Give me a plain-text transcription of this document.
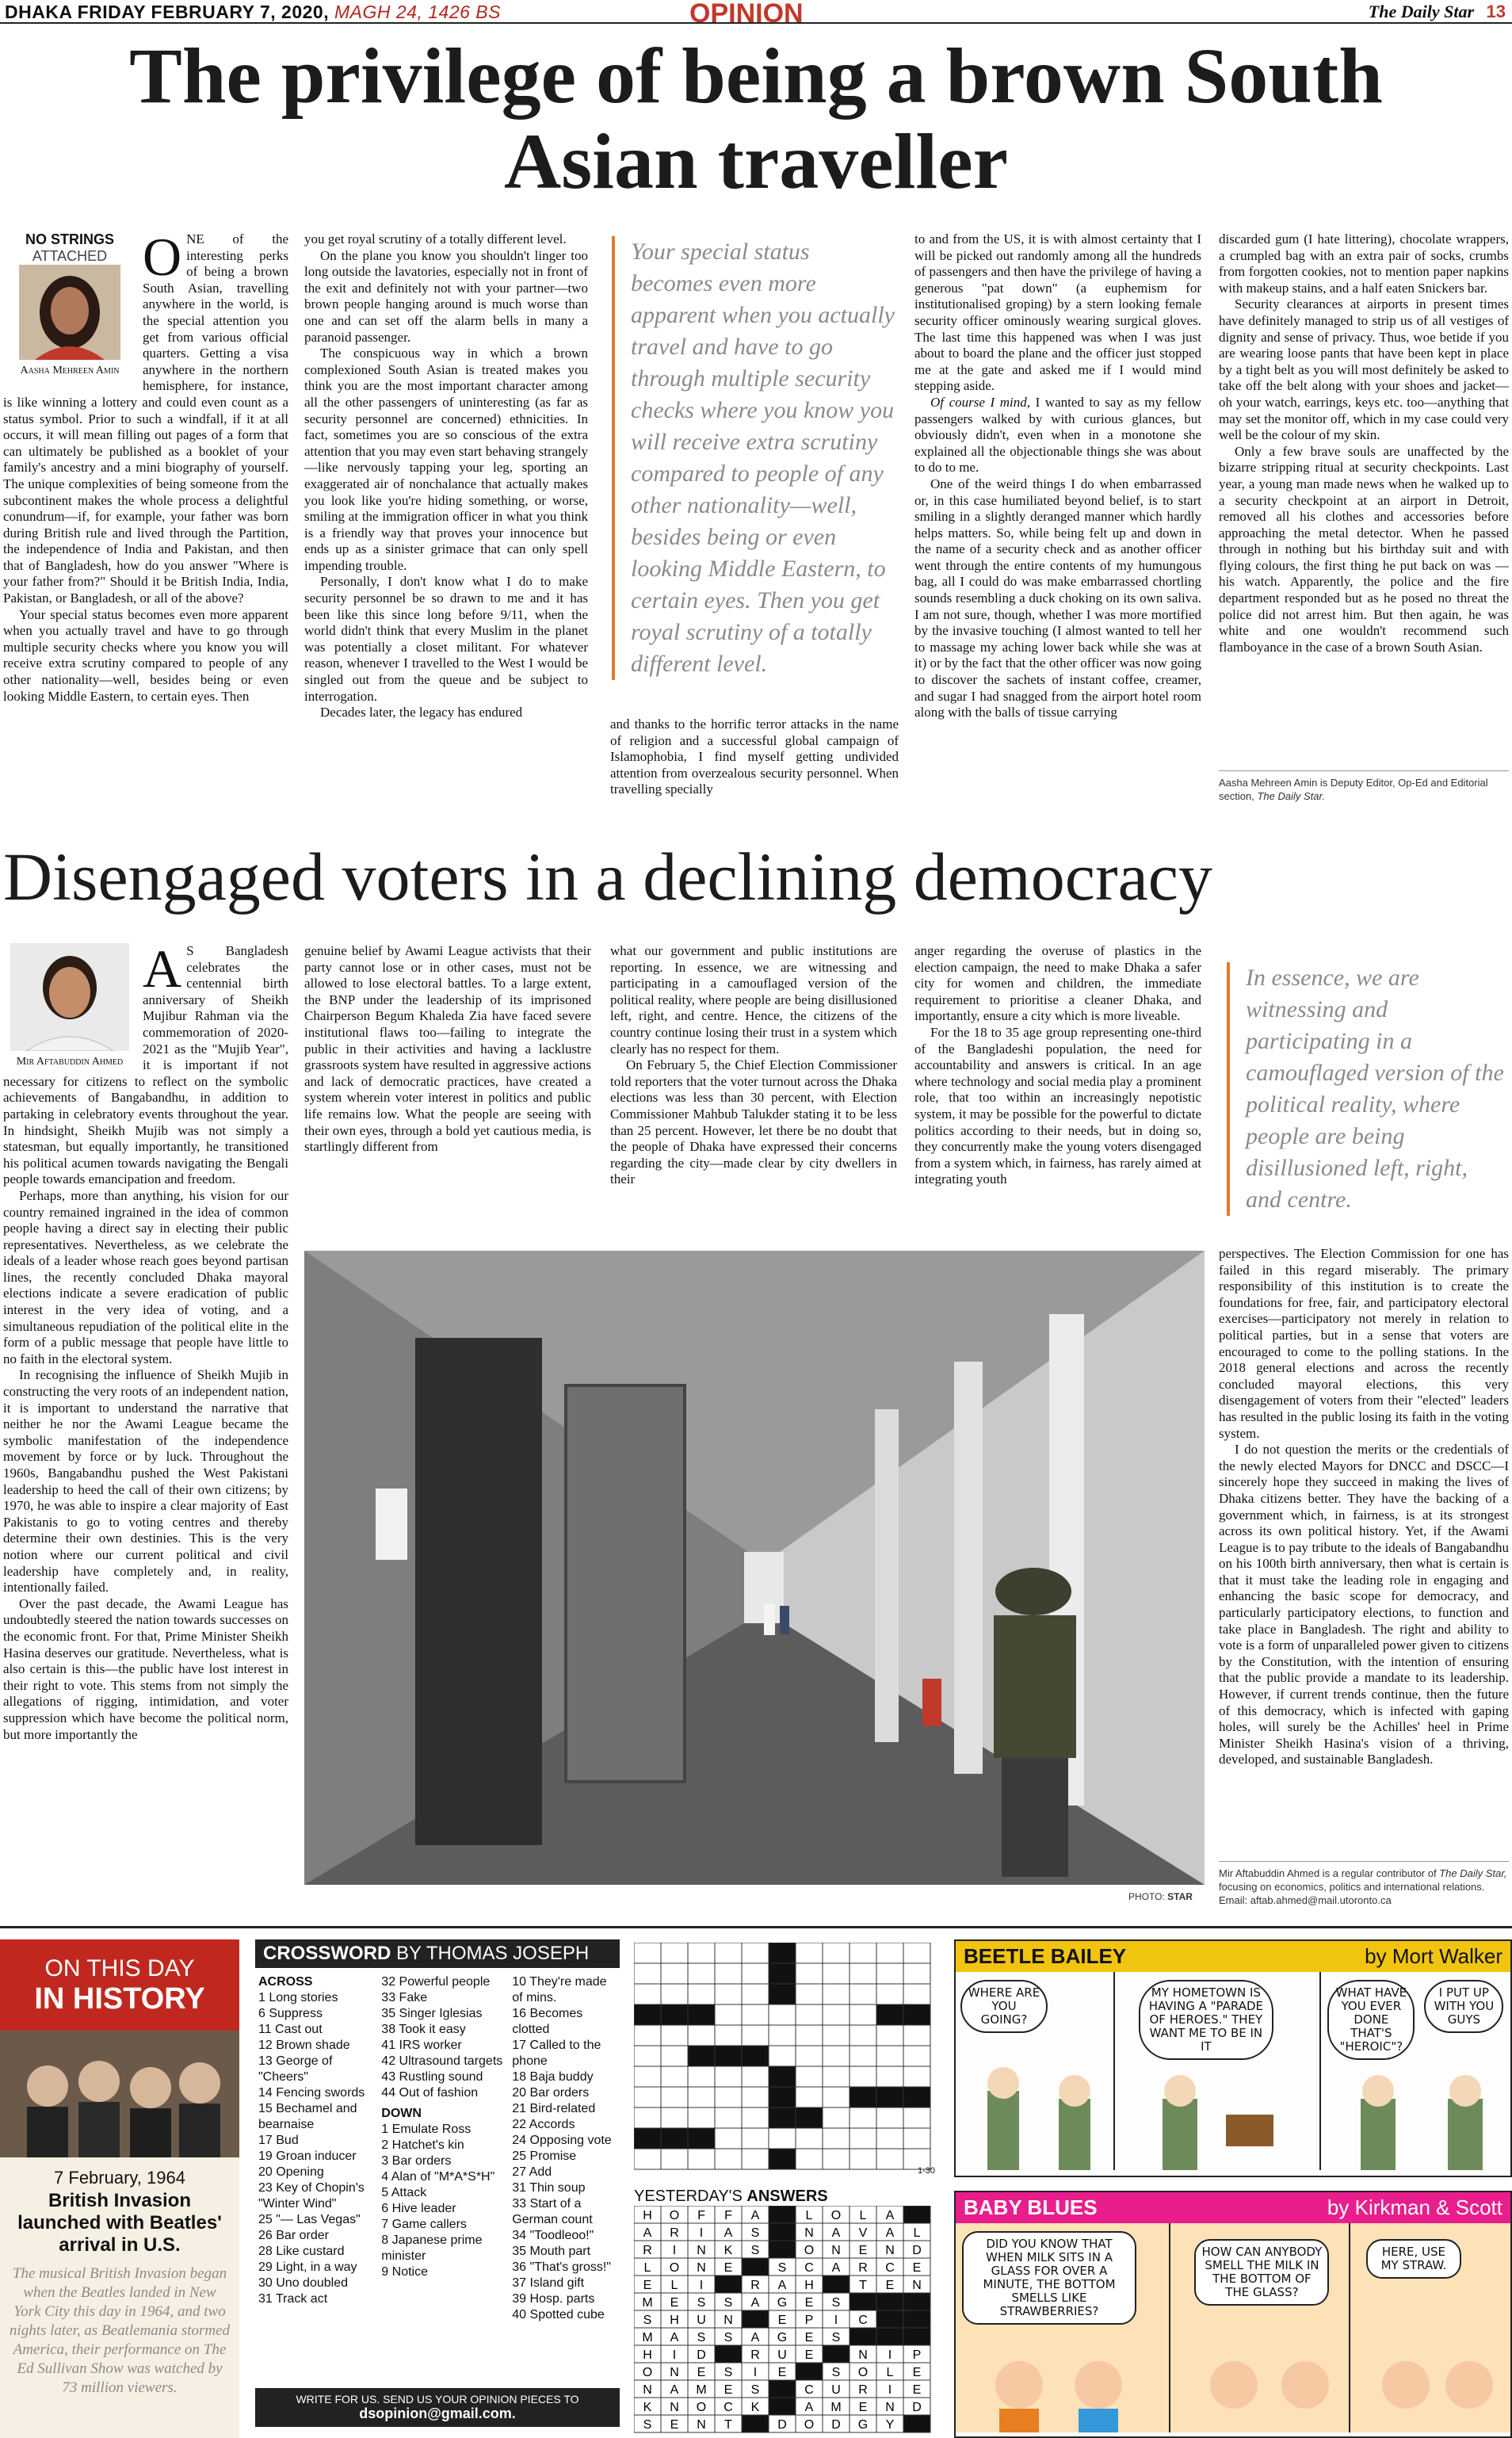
DHAKA FRIDAY FEBRUARY 7, 2020, MAGH 24, 1426 BS	OPINION	The Daily Star 13
The privilege of being a brown South Asian traveller
NO STRINGS
ATTACHED
Aasha Mehreen Amin
O NE of the interesting perks of being a brown South Asian, travelling anywhere in the world, is the special attention you get from various official quarters. Getting a visa anywhere in the northern hemisphere, for instance, is like winning a lottery and could even count as a status symbol. Prior to such a windfall, if it at all occurs, it will mean filling out pages of a form that can ultimately be published as a booklet of your family's ancestry and a mini biography of yourself. The unique complexities of being someone from the subcontinent makes the whole process a delightful conundrum—if, for example, your father was born during British rule and lived through the Partition, the independence of India and Pakistan, and then that of Bangladesh, how do you answer "Where is your father from?" Should it be British India, India, Pakistan, or Bangladesh, or all of the above?

Your special status becomes even more apparent when you actually travel and have to go through multiple security checks where you know you will receive extra scrutiny compared to people of any other nationality—well, besides being or even looking Middle Eastern, to certain eyes. Then

you get royal scrutiny of a totally different level.

On the plane you know you shouldn't linger too long outside the lavatories, especially not in front of the exit and definitely not with your partner—two brown people hanging around is much worse than one and can set off the alarm bells in many a paranoid passenger.

The conspicuous way in which a brown complexioned South Asian is treated makes you think you are the most important character among all the other passengers of uninteresting (as far as security personnel are concerned) ethnicities. In fact, sometimes you are so conscious of the extra attention that you may even start behaving strangely—like nervously tapping your leg, sporting an exaggerated air of nonchalance that actually makes you look like you're hiding something, or worse, smiling at the immigration officer in what you think is a friendly way that proves your innocence but ends up as a sinister grimace that can only spell impending trouble.

Personally, I don't know what I do to make security personnel be so drawn to me and it has been like this since long before 9/11, when the world didn't think that every Muslim in the planet was potentially a closet militant. For whatever reason, whenever I travelled to the West I would be singled out from the queue and be subject to interrogation.

Decades later, the legacy has endured

Your special status becomes even more apparent when you actually travel and have to go through multiple security checks where you know you will receive extra scrutiny compared to people of any other nationality—well, besides being or even looking Middle Eastern, to certain eyes. Then you get royal scrutiny of a totally different level.

and thanks to the horrific terror attacks in the name of religion and a successful global campaign of Islamophobia, I find myself getting undivided attention from overzealous security personnel. When travelling specially

to and from the US, it is with almost certainty that I will be picked out randomly among all the hundreds of passengers and then have the privilege of having a generous "pat down" (a euphemism for institutionalised groping) by a stern looking female security officer ominously wearing surgical gloves. The last time this happened was when I was just about to board the plane and the officer just stopped me at the gate and asked me if I would mind stepping aside.

Of course I mind, I wanted to say as my fellow passengers walked by with curious glances, but obviously didn't, even when in a monotone she explained all the objectionable things she was about to do to me.

One of the weird things I do when embarrassed or, in this case humiliated beyond belief, is to start smiling in a slightly deranged manner which hardly helps matters. So, while being felt up and down in the name of a security check and as another officer went through the entire contents of my humungous bag, all I could do was make embarrassed chortling sounds resembling a duck choking on its own saliva. I am not sure, though, whether I was more mortified by the invasive touching (I almost wanted to tell her to massage my aching lower back while she was at it) or by the fact that the other officer was now going to discover the sachets of instant coffee, creamer, and sugar I had snagged from the airport hotel room along with the balls of tissue carrying

discarded gum (I hate littering), chocolate wrappers, a crumpled bag with an extra pair of socks, crumbs from forgotten cookies, not to mention paper napkins with makeup stains, and a half eaten Snickers bar.

Security clearances at airports in present times have definitely managed to strip us of all vestiges of dignity and sense of privacy. Thus, woe betide if you are wearing loose pants that have been kept in place by a tight belt as you will most definitely be asked to take off the belt along with your shoes and jacket—oh your watch, earrings, keys etc. too—anything that may set the monitor off, which in my case could very well be the colour of my skin.

Only a few brave souls are unaffected by the bizarre stripping ritual at security checkpoints. Last year, a young man made news when he walked up to a security checkpoint at an airport in Detroit, removed all his clothes and accessories before approaching the metal detector. When he passed through in nothing but his birthday suit and with flying colours, the first thing he put back on was — his watch. Apparently, the police and the fire department responded but as he posed no threat the police did not arrest him. But then again, he was white and one wouldn't recommend such flamboyance in the case of a brown South Asian.

Aasha Mehreen Amin is Deputy Editor, Op-Ed and Editorial section, The Daily Star.
Disengaged voters in a declining democracy
Mir Aftabuddin Ahmed
A S Bangladesh celebrates the centennial birth anniversary of Sheikh Mujibur Rahman via the commemoration of 2020-2021 as the "Mujib Year", it is important if not necessary for citizens to reflect on the symbolic achievements of Bangabandhu, in addition to partaking in celebratory events throughout the year. In hindsight, Sheikh Mujib was not simply a statesman, but equally importantly, he transitioned his political acumen towards navigating the Bengali people towards emancipation and freedom.

Perhaps, more than anything, his vision for our country remained ingrained in the idea of common people having a direct say in electing their public representatives. Nevertheless, as we celebrate the ideals of a leader whose reach goes beyond partisan lines, the recently concluded Dhaka mayoral elections indicate a severe eradication of public interest in the very idea of voting, and a simultaneous repudiation of the political elite in the form of a public message that people have little to no faith in the electoral system.

In recognising the influence of Sheikh Mujib in constructing the very roots of an independent nation, it is important to understand the narrative that neither he nor the Awami League became the symbolic manifestation of the independence movement by force or by luck. Throughout the 1960s, Bangabandhu pushed the West Pakistani leadership to heed the call of their own citizens; by 1970, he was able to inspire a clear majority of East Pakistanis to go to voting centres and thereby determine their own destinies. This is the very notion where our current political and civil leadership have completely and, in reality, intentionally failed.

Over the past decade, the Awami League has undoubtedly steered the nation towards successes on the economic front. For that, Prime Minister Sheikh Hasina deserves our gratitude. Nevertheless, what is also certain is this—the public have lost interest in their right to vote. This stems from not simply the allegations of rigging, intimidation, and voter suppression which have become the political norm, but more importantly the

genuine belief by Awami League activists that their party cannot lose or in other cases, must not be allowed to lose electoral battles. To a large extent, the BNP under the leadership of its imprisoned Chairperson Begum Khaleda Zia have faced severe institutional flaws too—failing to integrate the public in their activities and having a lacklustre grassroots system have resulted in aggressive actions and lack of democratic practices, have created a system wherein voter interest in politics and public life remains low. What the people are seeing with their own eyes, through a bold yet cautious media, is startlingly different from

what our government and public institutions are reporting. In essence, we are witnessing and participating in a camouflaged version of the political reality, where people are being disillusioned left, right, and centre. Hence, the citizens of the country continue losing their trust in a system which clearly has no respect for them.

On February 5, the Chief Election Commissioner told reporters that the voter turnout across the Dhaka elections was less than 30 percent, with Election Commissioner Mahbub Talukder stating it to be less than 25 percent. However, let there be no doubt that the people of Dhaka have expressed their concerns regarding the city—made clear by city dwellers in their

anger regarding the overuse of plastics in the election campaign, the need to make Dhaka a safer city for women and children, the immediate requirement to prioritise a cleaner Dhaka, and importantly, ensure a city which is more liveable.

For the 18 to 35 age group representing one-third of the Bangladeshi population, the need for accountability and answers is critical. In an age where technology and social media play a prominent role, that too within an increasingly nepotistic system, it may be possible for the powerful to dictate politics according to their needs, but in doing so, they concurrently make the young voters disengaged from a system which, in fairness, has rarely aimed at integrating youth

In essence, we are witnessing and participating in a camouflaged version of the political reality, where people are being disillusioned left, right, and centre.
PHOTO: STAR

perspectives. The Election Commission for one has failed in this regard miserably. The primary responsibility of this institution is to create the foundations for free, fair, and participatory electoral exercises—participatory not merely in relation to political parties, but in a sense that voters are encouraged to come to the polling stations. In the 2018 general elections and across the recently concluded mayoral elections, this very disengagement of voters from their "elected" leaders has resulted in the public losing its faith in the voting system.

I do not question the merits or the credentials of the newly elected Mayors for DNCC and DSCC—I sincerely hope they succeed in making the lives of Dhaka citizens better. They have the backing of a government which, in fairness, is at its strongest across its own political history. Yet, if the Awami League is to pay tribute to the ideals of Bangabandhu on his 100th birth anniversary, then what is certain is that it must take the leading role in engaging and enhancing the basic scope for democracy, and particularly participatory elections, to function and take place in Bangladesh. The right and ability to vote is a form of unparalleled power given to citizens by the Constitution, with the intention of ensuring that the public provide a mandate to its leadership. However, if current trends continue, then the future of this democracy, which is infected with gaping holes, will surely be the Achilles' heel in Prime Minister Sheikh Hasina's vision of a thriving, developed, and sustainable Bangladesh.

Mir Aftabuddin Ahmed is a regular contributor of The Daily Star, focusing on economics, politics and international relations. Email: aftab.ahmed@mail.utoronto.ca
ON THIS DAY
IN HISTORY
7 February, 1964
British Invasion launched with Beatles' arrival in U.S.
The musical British Invasion began when the Beatles landed in New York City this day in 1964, and two nights later, as Beatlemania stormed America, their performance on The Ed Sullivan Show was watched by 73 million viewers.
CROSSWORD BY THOMAS JOSEPH
ACROSS
1 Long stories
6 Suppress
11 Cast out
12 Brown shade
13 George of "Cheers"
14 Fencing swords
15 Bechamel and bearnaise
17 Bud
19 Groan inducer
20 Opening
23 Key of Chopin's "Winter Wind"
25 "— Las Vegas"
26 Bar order
28 Like custard
29 Light, in a way
30 Uno doubled
31 Track act
32 Powerful people
33 Fake
35 Singer Iglesias
38 Took it easy
41 IRS worker
42 Ultrasound targets
43 Rustling sound
44 Out of fashion
DOWN
1 Emulate Ross
2 Hatchet's kin
3 Bar orders
4 Alan of "M*A*S*H"
5 Attack
6 Hive leader
7 Game callers
8 Japanese prime minister
9 Notice
10 They're made of mins.
16 Becomes clotted
17 Called to the phone
18 Baja buddy
20 Bar orders
21 Bird-related
22 Accords
24 Opposing vote
25 Promise
27 Add
31 Thin soup
33 Start of a German count
34 "Toodleoo!"
35 Mouth part
36 "That's gross!"
37 Island gift
39 Hosp. parts
40 Spotted cube
WRITE FOR US. SEND US YOUR OPINION PIECES TO
dsopinion@gmail.com.
1-30
YESTERDAY'S ANSWERS
H O F F A	L O L A
A R I A S	N A V A L
R I N K S	O N E N D
L O N E	S C A R C E
E L I	R A H	T E N
M E S S A G E S
S H U N	E P I C
M A S S A G E S
H I D	R U E	N I P
O N E S I E	S O L E
N A M E S	C U R I E
K N O C K	A M E N D
S E N T	D O D G Y
BEETLE BAILEY	by Mort Walker
WHERE ARE YOU GOING?
MY HOMETOWN IS HAVING A "PARADE OF HEROES." THEY WANT ME TO BE IN IT
WHAT HAVE YOU EVER DONE THAT'S "HEROIC"?
I PUT UP WITH YOU GUYS
BABY BLUES	by Kirkman & Scott
DID YOU KNOW THAT WHEN MILK SITS IN A GLASS FOR OVER A MINUTE, THE BOTTOM SMELLS LIKE STRAWBERRIES?
HOW CAN ANYBODY SMELL THE MILK IN THE BOTTOM OF THE GLASS?
HERE, USE MY STRAW.
